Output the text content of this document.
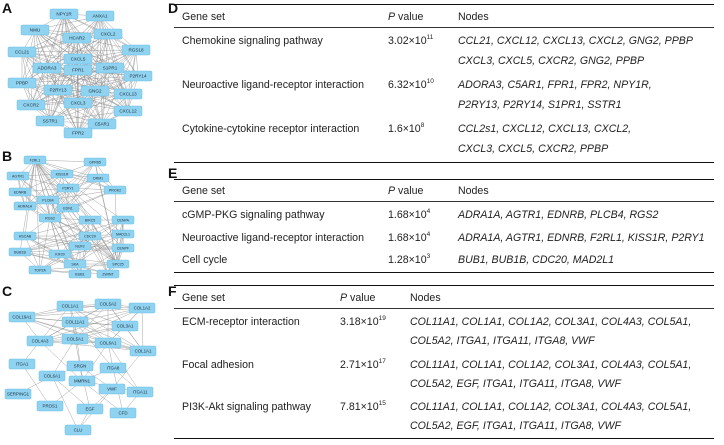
A
B
C
D
E
F
NPY1R	ANXA1
NMU
HCAR2
CXCL2
CCL21
CXCL5
RGS18
FPR1	S1PR1
P2RY14
PPBP
ADORA3
CXCR2
P2RY13	GNG2
CXCL13
CXCL3
CXCL12
SSTR1
C5AR1
FPR2
F2RL1	GPR65
AGTR1	KISS1R
ORM1
EDNRB
P2RY1	PROK2
ADRA1A
PLCB4
EDN1
RGS2	BIRC5	CENPA
HSCAB	CDC20	MAD2L1
NUF2	CENPF
BUB1B	KIF20
SKA	SPC25
BUB1
TOP2A
ZWINT
COL5A2
COL1A1	COL1A2
COL19A1
COL11A1
COL3A1
COL4A3	COL5A1
COL6A1
COL1A1
ITGA1	SRGN	ITGA8
COL6A1
MMRN1
VWF
ITGA11
SERPING1
PROS1
EGF
CFD
CLU
Gene set	P value	Nodes
Chemokine signaling pathway	$3.02\times 10^{11}$ CCL21, CXCL12, CXCL13, CXCL2, GNG2, PPBP
CXCL3, CXCL5, CXCR2, GNG2, PPBP
Neuroactive ligand-receptor interaction $6.32\times 10^{10}$ ADORA3, C5AR1, FPR1, FPR2, NPY1R,
P2RY13, P2RY14, S1PR1, SSTR1
Cytokine-cytokine receptor interaction	$1.6\times 10^8$	CCL2s1, CXCL12, CXCL13, CXCL2,
CXCL3, CXCL5, CXCR2, PPBP
Gene set	P value	Nodes
cGMP-PKG signaling pathway	$1.68\times 10^4$	ADRA1A, AGTR1, EDNRB, PLCB4, RGS2
Neuroactive ligand-receptor interaction $1.68\times 10^4$	ADRA1A, AGTR1, EDNRB, F2RL1, KISS1R, P2RY1
Cell cycle	$1.28\times 10^3$	BUB1, BUB1B, CDC20, MAD2L1
Gene set	P value	Nodes
ECM-receptor interaction	$3.18\times 10^{19}$ COL11A1, COL1A1, COL1A2, COL3A1, COL4A3, COL5A1,
COL5A2, ITGA1, ITGA11, ITGA8, VWF
Focal adhesion	$2.71\times 10^{17}$ COL11A1, COL1A1, COL1A2, COL3A1, COL4A3, COL5A1,
COL5A2, EGF, ITGA1, ITGA11, ITGA8, VWF
PI3K-Akt signaling pathway	$7.81\times 10^{15}$ COL11A1, COL1A1, COL1A2, COL3A1, COL4A3, COL5A1,
COL5A2, EGF, ITGA1, ITGA11, ITGA8, VWF
